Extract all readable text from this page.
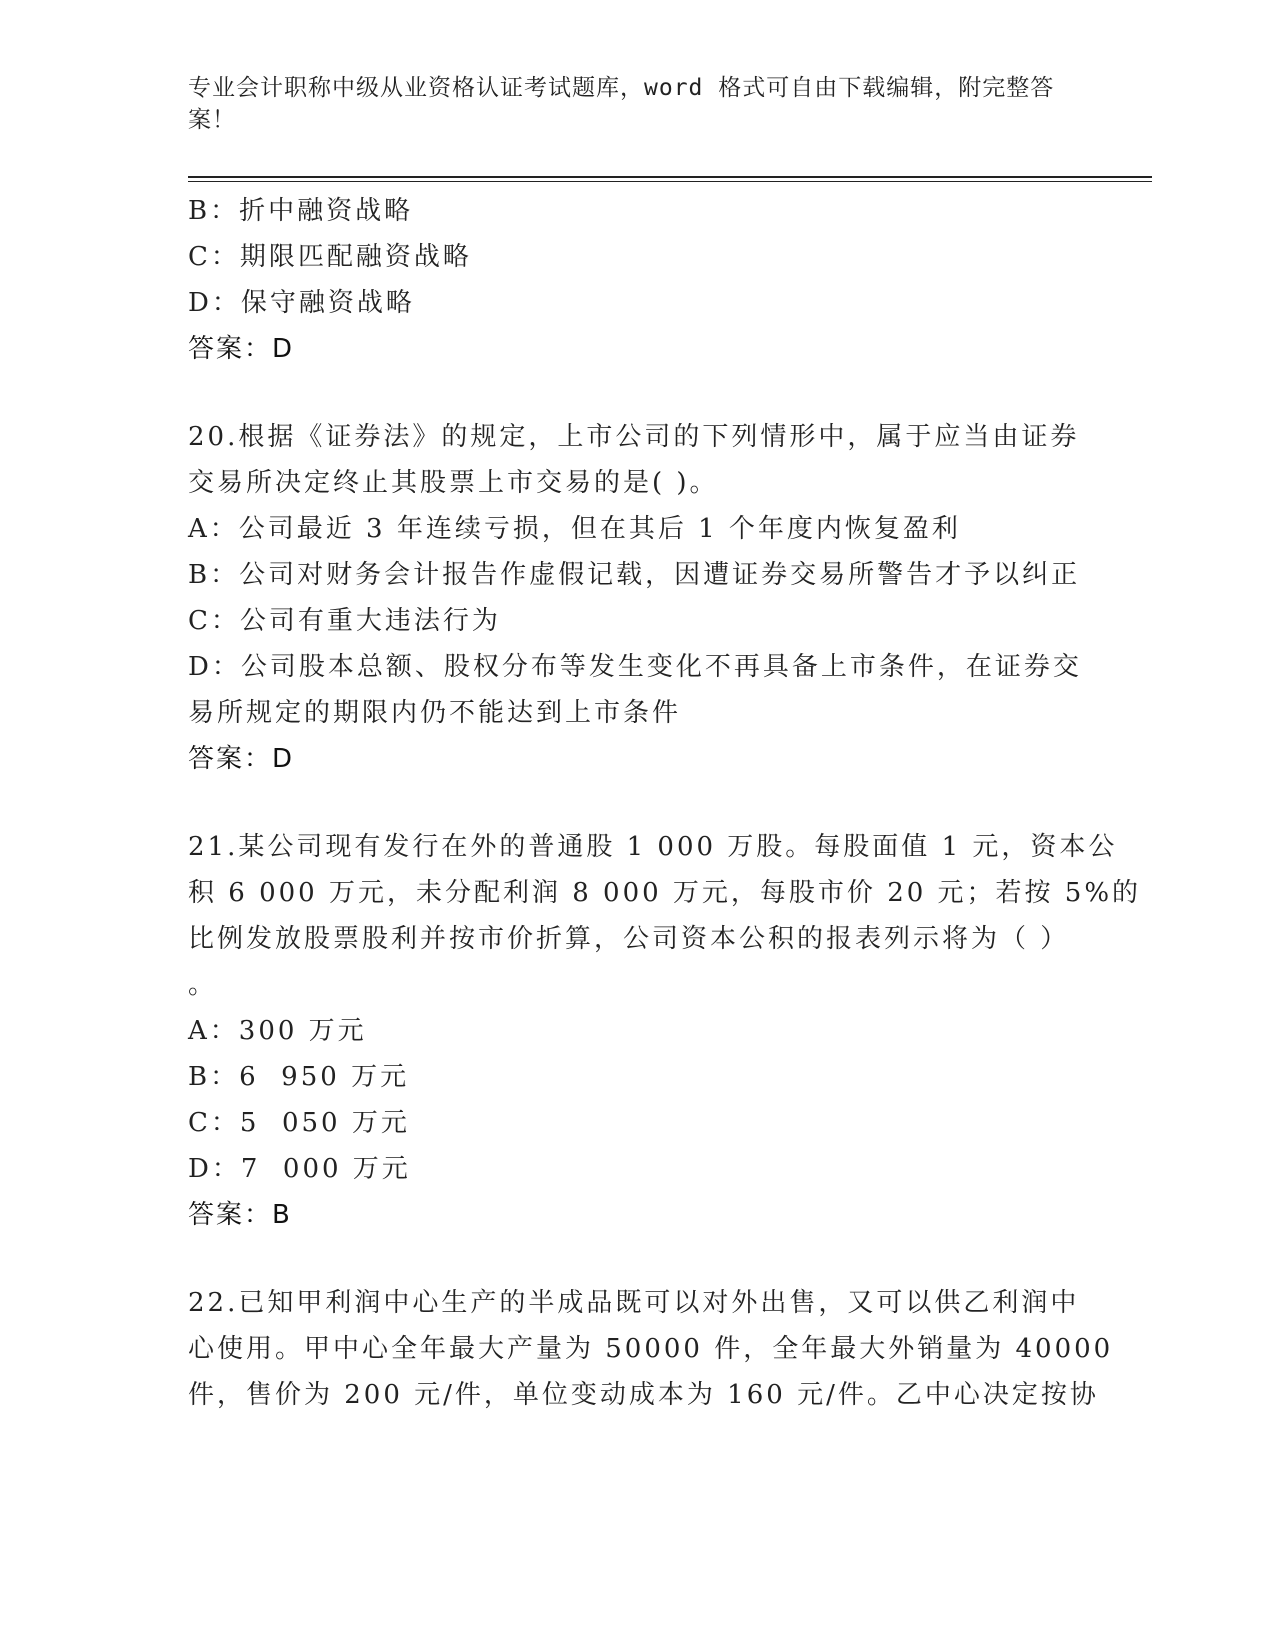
专业会计职称中级从业资格认证考试题库，word 格式可自由下载编辑，附完整答
案！
B：折中融资战略
C：期限匹配融资战略
D：保守融资战略
答案：D
20.根据《证券法》的规定，上市公司的下列情形中，属于应当由证券
交易所决定终止其股票上市交易的是( )。
A：公司最近 3 年连续亏损，但在其后 1 个年度内恢复盈利
B：公司对财务会计报告作虚假记载，因遭证券交易所警告才予以纠正
C：公司有重大违法行为
D：公司股本总额、股权分布等发生变化不再具备上市条件，在证券交
易所规定的期限内仍不能达到上市条件
答案：D
21.某公司现有发行在外的普通股 1 000 万股。每股面值 1 元，资本公
积 6 000 万元，未分配利润 8 000 万元，每股市价 20 元；若按 5%的
比例发放股票股利并按市价折算，公司资本公积的报表列示将为（ ）
。
A：300 万元
B：6  950 万元
C：5  050 万元
D：7  000 万元
答案：B
22.已知甲利润中心生产的半成品既可以对外出售，又可以供乙利润中
心使用。甲中心全年最大产量为 50000 件，全年最大外销量为 40000
件，售价为 200 元/件，单位变动成本为 160 元/件。乙中心决定按协
